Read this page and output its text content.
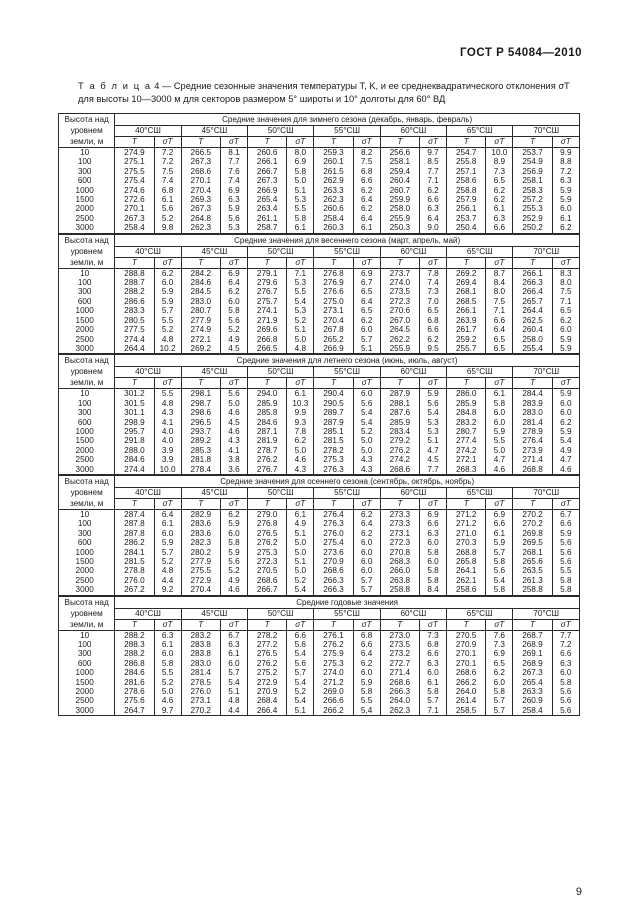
ГОСТ Р 54084—2010
Т а б л и ц а 4 — Средние сезонные значения температуры T, K, и ее среднеквадратического отклонения σT для высоты 10—3000 м для секторов размером 5° широты и 10° долготы для 60° ВД
Высота над уровнем земли, м	Средние значения для зимнего сезона (декабрь, январь, февраль)													
	40°СШ		45°СШ		50°СШ		55°СШ		60°СШ		65°СШ		70°СШ	
	T	σT	T	σT	T	σT	T	σT	T	σT	T	σT	T	σT
10	274.9	7.2	266.5	8.1	260.6	8.0	259.3	8.2	256.6	9.7	254.7	10.0	253.7	9.9
100	275.1	7.2	267.3	7.7	266.1	6.9	260.1	7.5	258.1	8.5	255.8	8.9	254.9	8.8
300	275.5	7.5	268.6	7.6	266.7	5.8	261.5	6.8	259.4	7.7	257.1	7.3	256.9	7.2
600	275.4	7.4	270.1	7.4	267.3	5.0	262.9	6.6	260.4	7.1	258.6	6.5	258.1	6.3
1000	274.6	6.8	270.4	6.9	266.9	5.1	263.3	6.2	260.7	6.2	258.8	6.2	258.3	5.9
1500	272.6	6.1	269.3	6.3	265.4	5.3	262.3	6.4	259.9	6.6	257.9	6.2	257.2	5.9
2000	270.1	5.6	267.3	5.9	263.4	5.5	260.6	6.2	258.0	6.3	256.1	6.1	255.3	6.0
2500	267.3	5.2	264.8	5.6	261.1	5.8	258.4	6.4	255.9	6.4	253.7	6.3	252.9	6.1
3000	258.4	9.8	262.3	5.3	258.7	6.1	260.3	6.1	250.3	9.0	250.4	6.6	250.2	6.2
Высота над уровнем земли, м	Средние значения для весеннего сезона (март, апрель, май)													
	40°СШ		45°СШ		50°СШ		55°СШ		60°СШ		65°СШ		70°СШ	
	T	σT	T	σT	T	σT	T	σT	T	σT	T	σT	T	σT
10	288.8	6.2	284.2	6.9	279.1	7.1	276.8	6.9	273.7	7.8	269.2	8.7	266.1	8.3
100	288.7	6.0	284.6	6.4	279.6	5.3	276.9	6.7	274.0	7.4	269.4	8.4	266.3	8.0
300	288.2	5.9	284.5	6.2	276.7	5.5	276.6	6.5	273.5	7.3	268.1	8.0	266.4	7.5
600	286.6	5.9	283.0	6.0	275.7	5.4	275.0	6.4	272.3	7.0	268.5	7.5	265.7	7.1
1000	283.3	5.7	280.7	5.8	274.1	5.3	273.1	6.5	270.6	6.5	266.1	7.1	264.4	6.5
1500	280.5	5.5	277.9	5.6	271.9	5.2	270.4	6.2	267.0	6.8	263.9	6.6	262.5	6.2
2000	277.5	5.2	274.9	5.2	269.6	5.1	267.8	6.0	264.5	6.6	261.7	6.4	260.4	6.0
2500	274.4	4.8	272.1	4.9	266.8	5.0	265.2	5.7	262.2	6.2	259.2	6.5	258.0	5.9
3000	264.4	10.2	269.2	4.5	266.5	4.8	266.9	5.1	255.9	9.5	255.7	6.5	255.4	5.9
Высота над уровнем земли, м	Средние значения для летнего сезона (июнь, июль, август)													
	40°СШ		45°СШ		50°СШ		55°СШ		60°СШ		65°СШ		70°СШ	
	T	σT	T	σT	T	σT	T	σT	T	σT	T	σT	T	σT
10	301.2	5.5	298.1	5.6	294.0	6.1	290.4	6.0	287.9	5.9	286.0	6.1	284.4	5.9
100	301.5	4.8	298.7	5.0	285.9	10.3	290.5	5.6	288.1	5.6	285.9	5.8	283.9	6.0
300	301.1	4.3	298.6	4.6	285.8	9.9	289.7	5.4	287.6	5.4	284.8	6.0	283.0	6.0
600	298.9	4.1	296.5	4.5	284.6	9.3	287.9	5.4	285.9	5.3	283.2	6.0	281.4	6.2
1000	295.7	4.0	293.7	4.6	287.1	7.8	285.1	5.2	283.4	5.3	280.7	5.9	278.9	5.9
1500	291.8	4.0	289.2	4.3	281.9	6.2	281.5	5.0	279.2	5.1	277.4	5.5	276.4	5.4
2000	288.0	3.9	285.3	4.1	278.7	5.0	278.2	5.0	276.2	4.7	274.2	5.0	273.9	4.9
2500	284.6	3.9	281.8	3.8	276.2	4.6	275.3	4.3	274.2	4.5	272.1	4.7	271.4	4.7
3000	274.4	10.0	278.4	3.6	276.7	4.3	276.3	4.3	268.6	7.7	268.3	4.6	268.8	4.6
Высота над уровнем земли, м	Средние значения для осеннего сезона (сентябрь, октябрь, ноябрь)													
	40°СШ		45°СШ		50°СШ		55°СШ		60°СШ		65°СШ		70°СШ	
	T	σT	T	σT	T	σT	T	σT	T	σT	T	σT	T	σT
10	287.4	6.4	282.9	6.2	279.0	6.1	276.4	6.2	273.3	6.9	271.2	6.9	270.2	6.7
100	287.8	6.1	283.6	5.9	276.8	4.9	276.3	6.4	273.3	6.6	271.2	6.6	270.2	6.6
300	287.8	6.0	283.6	6.0	276.5	5.1	276.0	6.2	273.1	6.3	271.0	6.1	269.8	5.9
600	286.2	5.9	282.3	5.8	276.2	5.0	275.4	6.0	272.3	6.0	270.3	5.9	269.5	5.6
1000	284.1	5.7	280.2	5.9	275.3	5.0	273.6	6.0	270.8	5.8	268.8	5.7	268.1	5.6
1500	281.5	5.2	277.9	5.6	272.3	5.1	270.9	6.0	268.3	6.0	265.8	5.8	265.6	5.6
2000	278.8	4.8	275.5	5.2	270.5	5.0	268.6	6.0	266.0	5.8	264.1	5.6	263.5	5.5
2500	276.0	4.4	272.9	4.9	268.6	5.2	266.3	5.7	263.8	5.8	262.1	5.4	261.3	5.8
3000	267.2	9.2	270.4	4.6	266.7	5.4	266.3	5.7	258.8	8.4	258.6	5.8	258.8	5.8
Высота над уровнем земли, м	Средние годовые значения													
	40°СШ		45°СШ		50°СШ		55°СШ		60°СШ		65°СШ		70°СШ	
	T	σT	T	σT	T	σT	T	σT	T	σT	T	σT	T	σT
10	288.2	6.3	283.2	6.7	278.2	6.6	276.1	6.8	273.0	7.3	270.5	7.6	268.7	7.7
100	288.3	6.1	283.8	6.3	277.2	5.6	276.2	6.6	273.5	6.8	270.9	7.3	268.9	7.2
300	288.2	6.0	283.8	6.1	276.5	5.4	275.9	6.4	273.2	6.6	270.1	6.9	269.1	6.6
600	286.8	5.8	283.0	6.0	276.2	5.6	275.3	6.2	272.7	6.3	270.1	6.5	268.9	6.3
1000	284.6	5.5	281.4	5.7	275.2	5.7	274.0	6.0	271.4	6.0	268.6	6.2	267.3	6.0
1500	281.6	5.2	278.5	5.4	272.9	5.4	271.2	5.9	268.6	6.1	266.2	6.0	265.4	5.8
2000	278.6	5.0	276.0	5.1	270.9	5.2	269.0	5.8	266.3	5.8	264.0	5.8	263.3	5.6
2500	275.6	4.6	273.1	4.8	268.4	5.4	266.6	5.5	264.0	5.7	261.4	5.7	260.9	5.6
3000	264.7	9.7	270.2	4.4	266.4	5.1	266.2	5.4	262.3	7.1	258.5	5.7	258.4	5.6
9
